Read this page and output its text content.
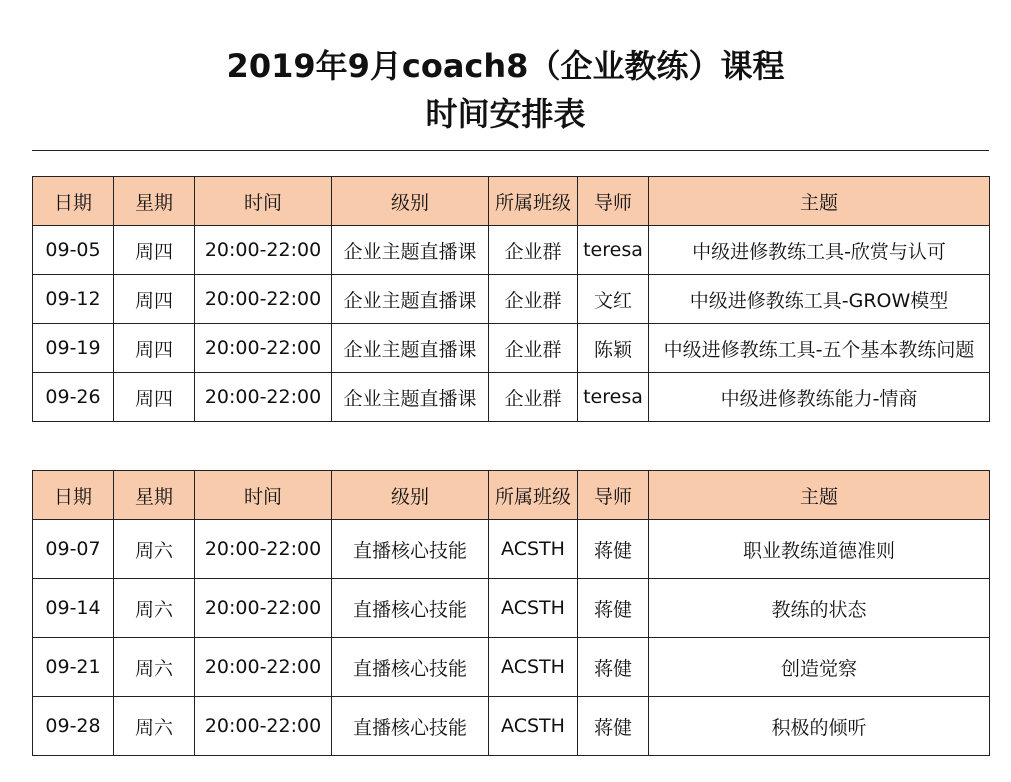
2019年9月coach8（企业教练）课程
时间安排表
日期	星期	时间	级别	所属班级	导师	主题
09-05	周四	20:00-22:00	企业主题直播课	企业群	teresa	中级进修教练工具-欣赏与认可
09-12	周四	20:00-22:00	企业主题直播课	企业群	文红	中级进修教练工具-GROW模型
09-19	周四	20:00-22:00	企业主题直播课	企业群	陈颖	中级进修教练工具-五个基本教练问题
09-26	周四	20:00-22:00	企业主题直播课	企业群	teresa	中级进修教练能力-情商
日期	星期	时间	级别	所属班级	导师	主题
09-07	周六	20:00-22:00	直播核心技能	ACSTH	蒋健	职业教练道德准则
09-14	周六	20:00-22:00	直播核心技能	ACSTH	蒋健	教练的状态
09-21	周六	20:00-22:00	直播核心技能	ACSTH	蒋健	创造觉察
09-28	周六	20:00-22:00	直播核心技能	ACSTH	蒋健	积极的倾听
